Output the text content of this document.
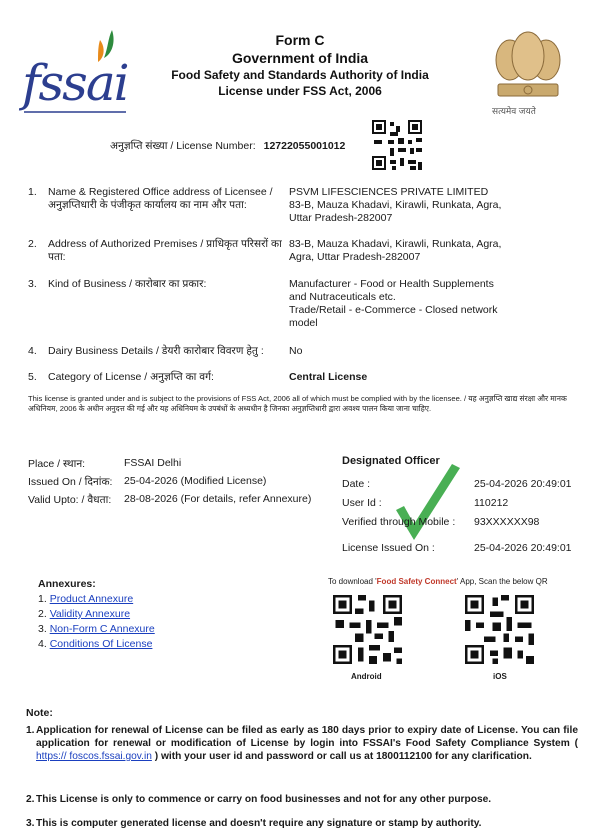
fssai
Form C
Government of India
Food Safety and Standards Authority of India
License under FSS Act, 2006
सत्यमेव जयते
अनुज्ञप्ति संख्या / License Number: 12722055001012
1. Name & Registered Office address of Licensee / अनुज्ञप्तिधारी के पंजीकृत कार्यालय का नाम और पता:
PSVM LIFESCIENCES PRIVATE LIMITED
83-B, Mauza Khadavi, Kirawli, Runkata, Agra,
Uttar Pradesh-282007
2. Address of Authorized Premises / प्राधिकृत परिसरों का पता:
83-B, Mauza Khadavi, Kirawli, Runkata, Agra,
Agra, Uttar Pradesh-282007
3. Kind of Business / कारोबार का प्रकार:	Manufacturer - Food or Health Supplements
and Nutraceuticals etc.
Trade/Retail - e-Commerce - Closed network
model
4. Dairy Business Details / डेयरी कारोबार विवरण हेतु :	No
5. Category of License / अनुज्ञप्ति का वर्ग:	Central License
This license is granted under and is subject to the provisions of FSS Act, 2006 all of which must be complied with by the licensee. / यह अनुज्ञप्ति खाद्य संरक्षा और मानक अधिनियम, 2006 के अधीन अनुदत्त की गई और यह अधिनियम के उपबंधों के अध्यधीन है जिनका अनुज्ञप्तिधारी द्वारा अवश्य पालन किया जाना चाहिए.
Place / स्थान:	FSSAI Delhi
Issued On / दिनांक: 25-04-2026 (Modified License)
Valid Upto: / वैधता: 28-08-2026 (For details, refer Annexure)
Designated Officer
Date :	25-04-2026 20:49:01
User Id :	110212
Verified through Mobile : 93XXXXXX98
License Issued On :	25-04-2026 20:49:01
Annexures:
1. Product Annexure
2. Validity Annexure
3. Non-Form C Annexure
4. Conditions Of License
To download 'Food Safety Connect' App, Scan the below QR
Android	iOS
Note:
1. Application for renewal of License can be filed as early as 180 days prior to expiry date of License. You can file application for renewal or modification of License by login into FSSAI's Food Safety Compliance System ( https:// foscos.fssai.gov.in ) with your user id and password or call us at 1800112100 for any clarification.
2. This License is only to commence or carry on food businesses and not for any other purpose.
3. This is computer generated license and doesn't require any signature or stamp by authority.
